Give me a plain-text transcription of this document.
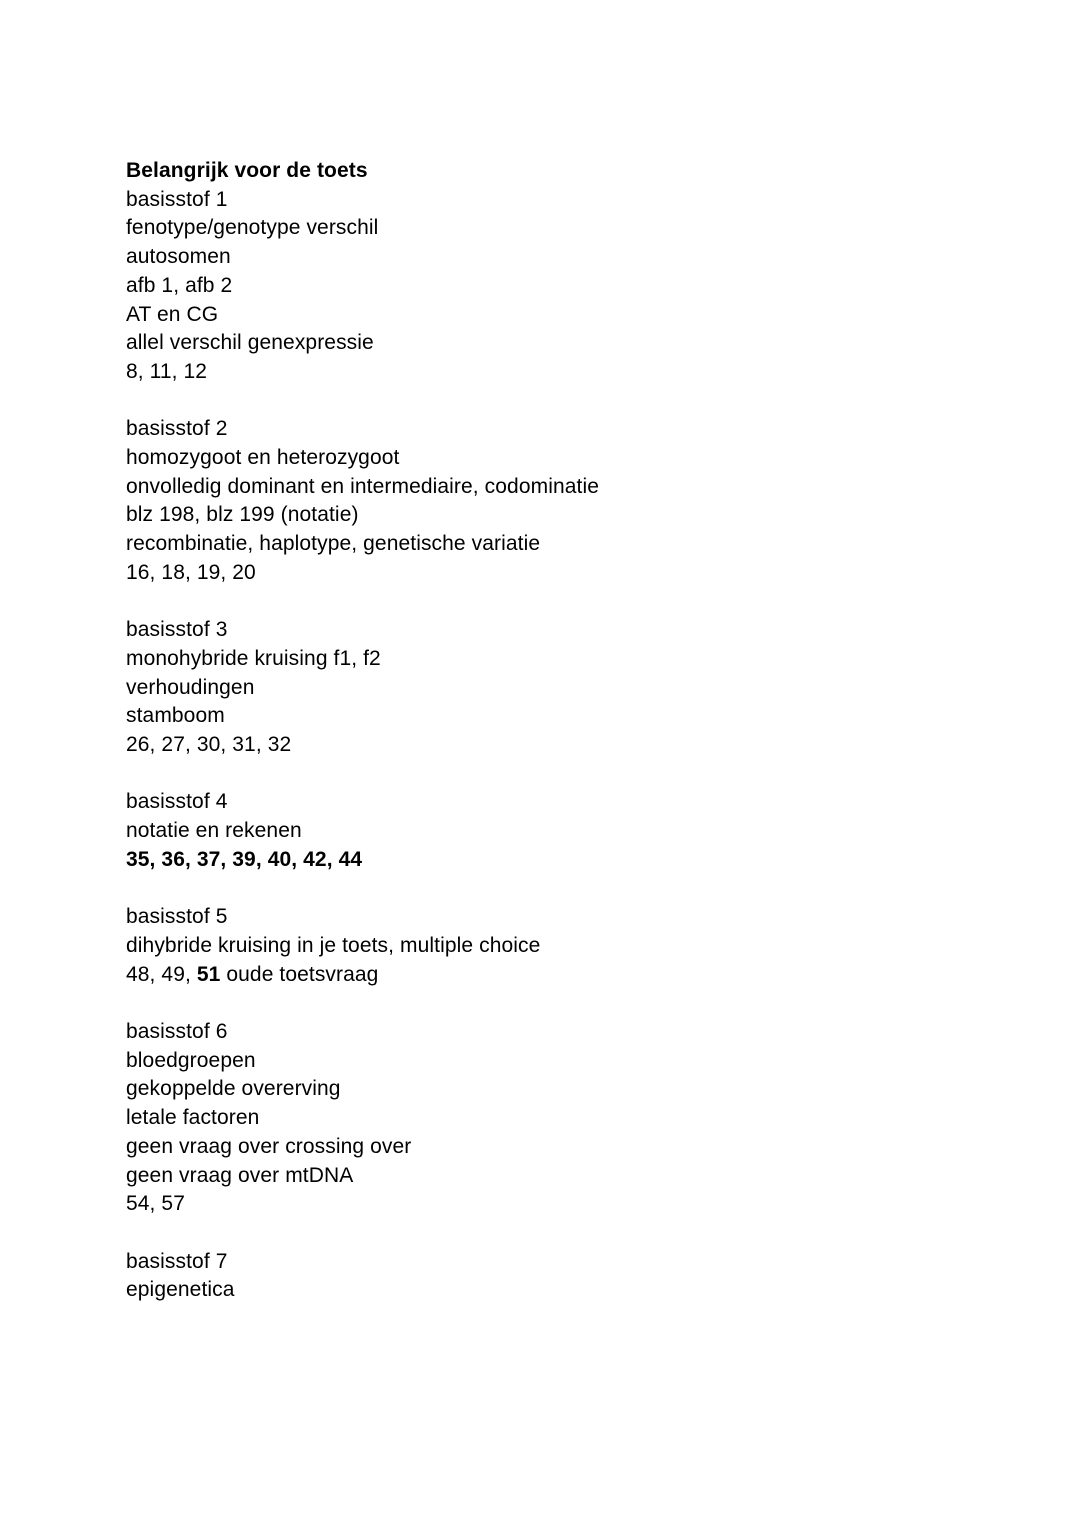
Belangrijk voor de toets
basisstof 1
fenotype/genotype verschil
autosomen
afb 1, afb 2
AT en CG
allel verschil genexpressie
8, 11, 12
basisstof 2
homozygoot en heterozygoot
onvolledig dominant en intermediaire, codominatie
blz 198, blz 199 (notatie)
recombinatie, haplotype, genetische variatie
16, 18, 19, 20
basisstof 3
monohybride kruising f1, f2
verhoudingen
stamboom
26, 27, 30, 31, 32
basisstof 4
notatie en rekenen
35, 36, 37, 39, 40, 42, 44
basisstof 5
dihybride kruising in je toets, multiple choice
48, 49, 51 oude toetsvraag
basisstof 6
bloedgroepen
gekoppelde overerving
letale factoren
geen vraag over crossing over
geen vraag over mtDNA
54, 57
basisstof 7
epigenetica
